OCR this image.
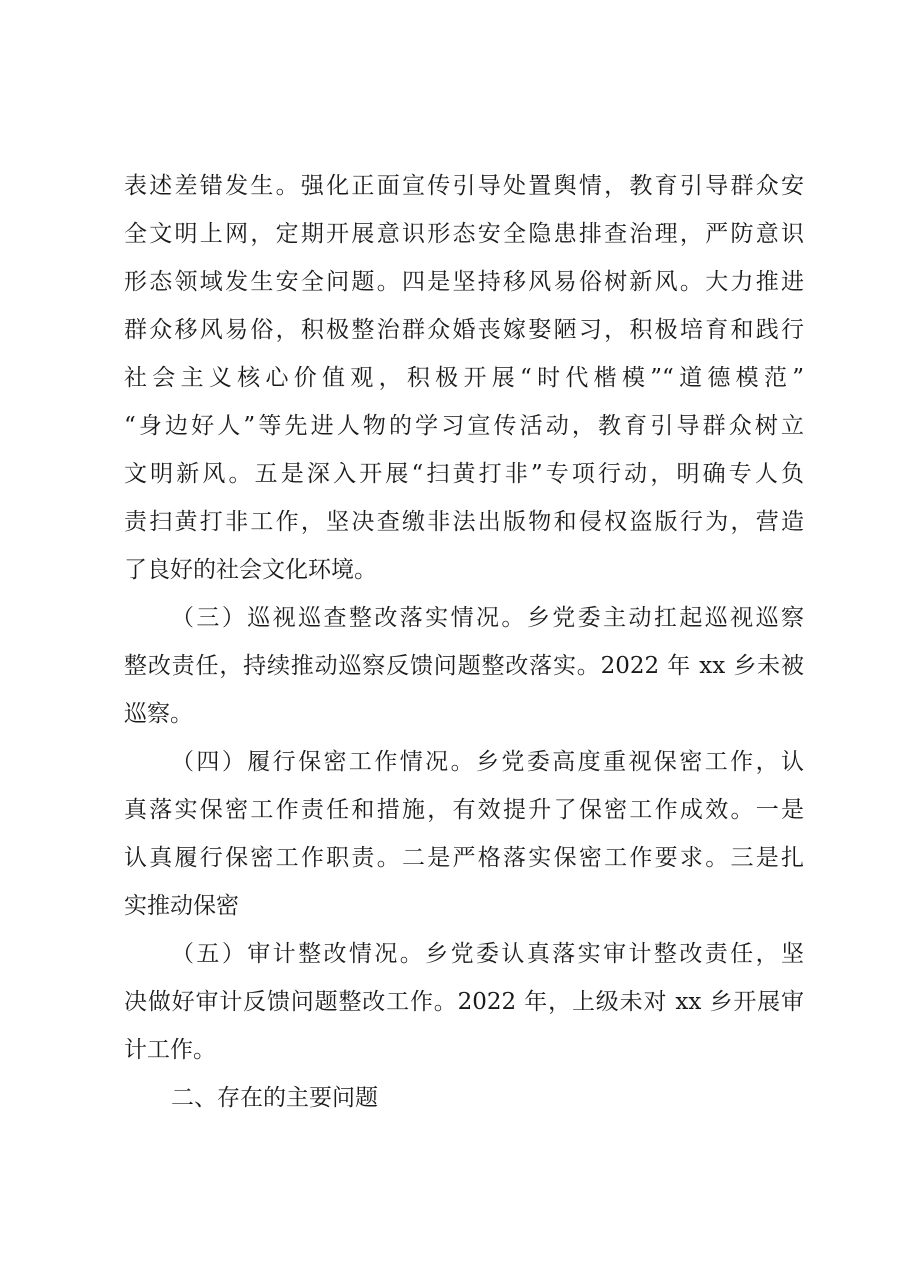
表述差错发生。强化正面宣传引导处置舆情，教育引导群众安
全文明上网，定期开展意识形态安全隐患排查治理，严防意识
形态领域发生安全问题。四是坚持移风易俗树新风。大力推进
群众移风易俗，积极整治群众婚丧嫁娶陋习，积极培育和践行
社会主义核心价值观，积极开展“时代楷模”“道德模范”
“身边好人”等先进人物的学习宣传活动，教育引导群众树立
文明新风。五是深入开展“扫黄打非”专项行动，明确专人负
责扫黄打非工作，坚决查缴非法出版物和侵权盗版行为，营造
了良好的社会文化环境。
（三）巡视巡查整改落实情况。乡党委主动扛起巡视巡察
整改责任，持续推动巡察反馈问题整改落实。2022 年 xx 乡未被
巡察。
（四）履行保密工作情况。乡党委高度重视保密工作，认
真落实保密工作责任和措施，有效提升了保密工作成效。一是
认真履行保密工作职责。二是严格落实保密工作要求。三是扎
实推动保密
（五）审计整改情况。乡党委认真落实审计整改责任，坚
决做好审计反馈问题整改工作。2022 年，上级未对 xx 乡开展审
计工作。
二、存在的主要问题
